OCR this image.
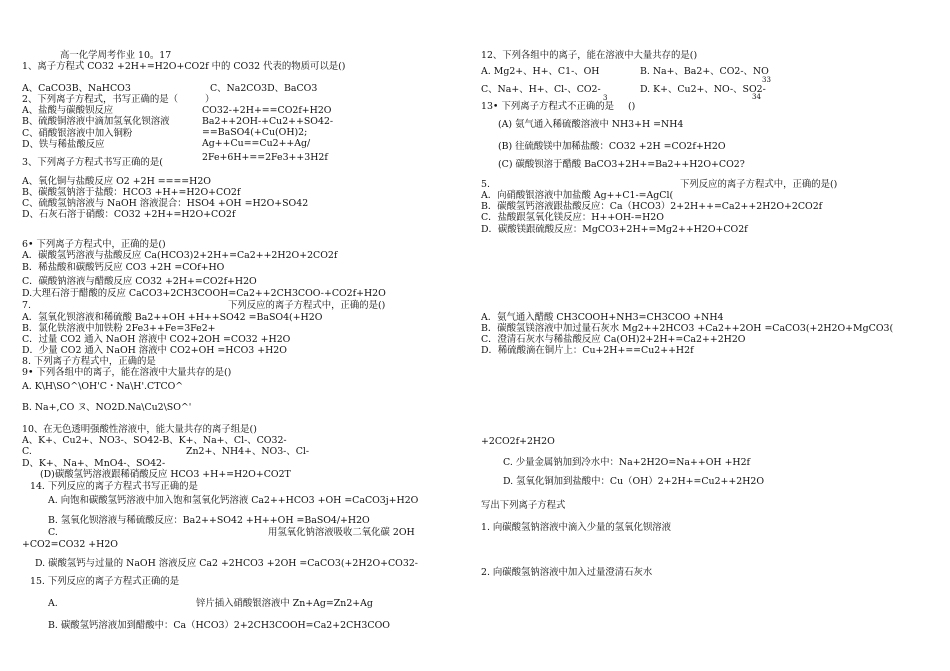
高一化学周考作业 10。17
1、离子方程式 CO32 +2H+=H2O+CO2f 中的 CO32 代表的物质可以是()
A、CaCO3B、NaHCO3	C、Na2CO3D、BaCO3
2、下列离子方程式，书写正确的是（	）
A、盐酸与碳酸钡反应	CO32-+2H+==CO2f+H2O
B、硫酸铜溶液中滴加氢氧化钡溶液	Ba2++2OH-+Cu2++SO42-
==BaSO4(+Cu(OH)2;
C、硝酸银溶液中加入铜粉
Ag++Cu==Cu2++Ag/
D、铁与稀盐酸反应
2Fe+6H+==2Fe3++3H2f
3、下列离子方程式书写正确的是(
A、氧化铜与盐酸反应 O2 +2H ====H2O
B、碳酸氢钠溶于盐酸：HCO3 +H+=H2O+CO2f
C、硫酸氢钠溶液与 NaOH 溶液混合：HSO4 +OH =H2O+SO42
D、石灰石溶于硝酸：CO32 +2H+=H2O+CO2f
6• 下列离子方程式中，正确的是()
A．碳酸氢钙溶液与盐酸反应 Ca(HCO3)2+2H+=Ca2++2H2O+2CO2f
B．稀盐酸和碳酸钙反应 CO3 +2H =COf+HO
C．碳酸钠溶液与醋酸反应 CO32 +2H+=CO2f+H2O
D.大理石溶于醋酸的反应 CaCO3+2CH3COOH=Ca2++2CH3COO-+CO2f+H2O
7.	下列反应的离子方程式中，正确的是()
A．氢氧化钡溶液和稀硫酸 Ba2++OH +H++SO42 =BaSO4(+H2O
B．氯化铁溶液中加铁粉 2Fe3++Fe=3Fe2+
C．过量 CO2 通入 NaOH 溶液中 CO2+2OH =CO32 +H2O
D．少量 CO2 通入 NaOH 溶液中 CO2+OH =HCO3 +H2O
8. 下列离子方程式中，正确的是
9• 下列各组中的离子，能在溶液中大量共存的是()
A. K\H\SO^\OH'C・Na\H'.CTCO^
B. Na+,CO ヌ、NO2D.Na\Cu2\SO^'
10、在无色透明强酸性溶液中，能大量共存的离子组是()
A、K+、Cu2+、NO3-、SO42-B、K+、Na+、Cl-、CO32-
C.	Zn2+、NH4+、NO3-、Cl-
D、K+、Na+、MnO4-、SO42-
(D)碳酸氢钙溶液跟稀硝酸反应 HCO3 +H+=H2O+CO2T
14. 下列反应的离子方程式书写正确的是
A. 向饱和碳酸氢钙溶液中加入饱和氢氧化钙溶液 Ca2++HCO3 +OH =CaCO3j+H2O
B. 氢氧化钡溶液与稀硫酸反应：Ba2++SO42 +H++OH =BaSO4/+H2O
C.	用氢氧化钠溶液吸收二氧化碳 2OH
+CO2=CO32 +H2O
D. 碳酸氢钙与过量的 NaOH 溶液反应 Ca2 +2HCO3 +2OH =CaCO3(+2H2O+CO32-
15. 下列反应的离子方程式正确的是
A.	锌片插入硝酸银溶液中 Zn+Ag=Zn2+Ag
B. 碳酸氢钙溶液加到醋酸中：Ca（HCO3）2+2CH3COOH=Ca2+2CH3COO
12、下列各组中的离子，能在溶液中大量共存的是()
A. Mg2+、H+、C1-、OH	B. Na+、Ba2+、CO2-、NO
C、Na+、H+、Cl-、CO2-	D. K+、Cu2+、NO-、SO2-
13• 下列离子方程式不正确的是 ()
(A) 氨气通入稀硫酸溶液中 NH3+H =NH4
(B) 往硫酸镁中加稀盐酸：CO32 +2H =CO2f+H2O
(C) 碳酸钡溶于醋酸 BaCO3+2H+=Ba2++H2O+CO2?
5.	下列反应的离子方程式中，正确的是()
A．向硝酸银溶液中加盐酸 Ag++C1-=AgCl(
B．碳酸氢钙溶液跟盐酸反应：Ca（HCO3）2+2H++=Ca2++2H2O+2CO2f
C．盐酸跟氢氧化镁反应：H++OH-=H2O
D．碳酸镁跟硫酸反应：MgCO3+2H+=Mg2++H2O+CO2f
A．氨气通入醋酸 CH3COOH+NH3=CH3COO +NH4
B．碳酸氢镁溶液中加过量石灰水 Mg2++2HCO3 +Ca2++2OH =CaCO3(+2H2O+MgCO3(
C．澄清石灰水与稀盐酸反应 Ca(OH)2+2H+=Ca2++2H2O
D．稀硫酸滴在铜片上：Cu+2H+==Cu2++H2f
+2CO2f+2H2O
C. 少量金属钠加到冷水中：Na+2H2O=Na++OH +H2f
D. 氢氧化铜加到盐酸中：Cu（OH）2+2H+=Cu2++2H2O
写出下列离子方程式
1. 向碳酸氢钠溶液中滴入少量的氢氧化钡溶液
2. 向碳酸氢钠溶液中加入过量澄清石灰水
33
3	34
